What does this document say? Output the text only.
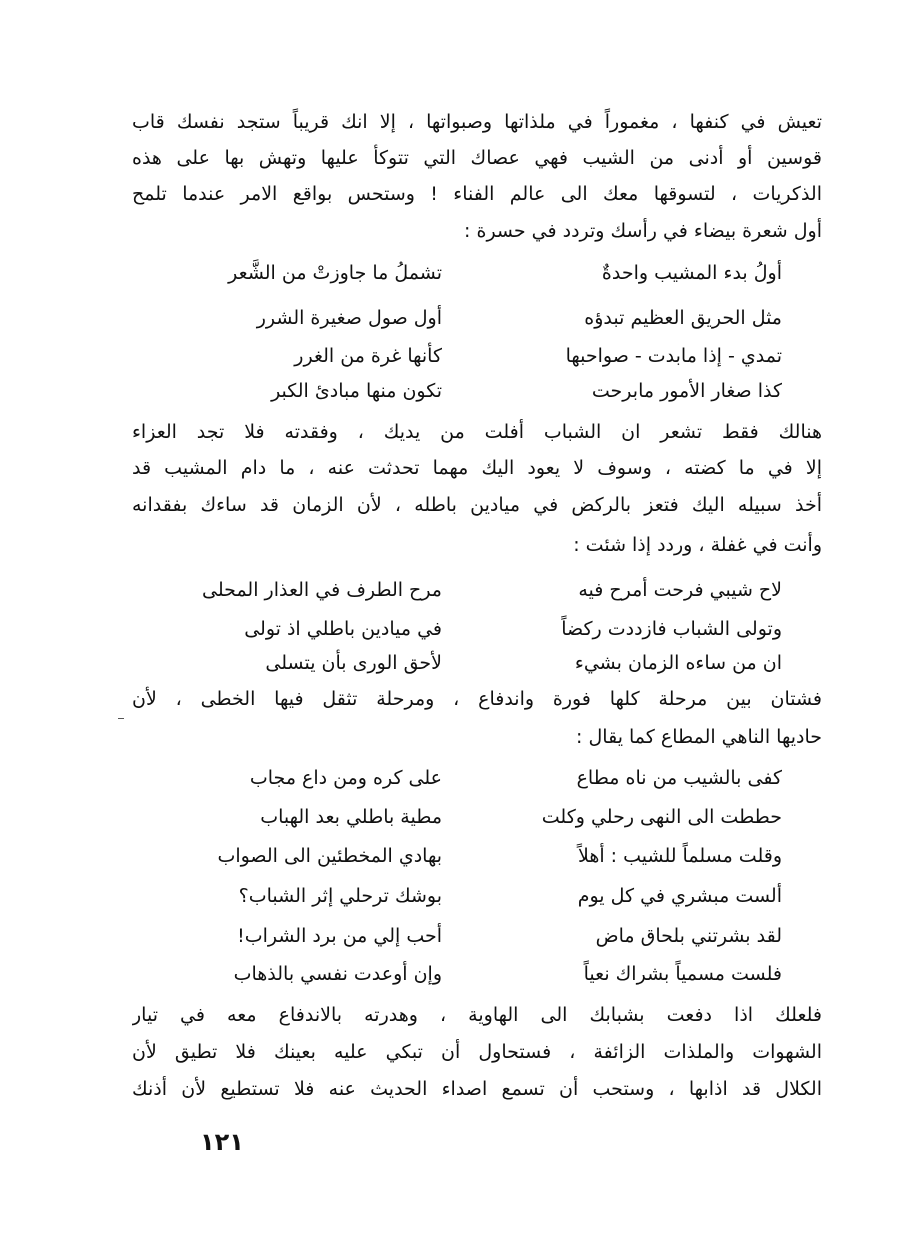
تعيش في كنفها ، مغموراً في ملذاتها وصبواتها ، إلا انك قريباً ستجد نفسك قاب
قوسين أو أدنى من الشيب فهي عصاك التي تتوكأ عليها وتهش بها على هذه
الذكريات ، لتسوقها معك الى عالم الفناء ! وستحس بواقع الامر عندما تلمح
أول شعرة بيضاء في رأسك وتردد في حسرة :
أولُ بدء المشيب واحدةٌ
تشملُ ما جاوزتْ من الشَّعر
مثل الحريق العظيم تبدؤه
أول صول صغيرة الشرر
تمدي - إذا مابدت - صواحبها
كأنها غرة من الغرر
كذا صغار الأمور مابرحت
تكون منها مبادئ الكبر
هنالك فقط تشعر ان الشباب أفلت من يديك ، وفقدته فلا تجد العزاء
إلا في ما كضته ، وسوف لا يعود اليك مهما تحدثت عنه ، ما دام المشيب قد
أخذ سبيله اليك فتعز بالركض في ميادين باطله ، لأن الزمان قد ساءك بفقدانه
وأنت في غفلة ، وردد إذا شئت :
لاح شيبي فرحت أمرح فيه
مرح الطرف في العذار المحلى
وتولى الشباب فازددت ركضاً
في ميادين باطلي اذ تولى
ان من ساءه الزمان بشيء
لأحق الورى بأن يتسلى
فشتان بين مرحلة كلها فورة واندفاع ، ومرحلة تثقل فيها الخطى ، لأن
حاديها الناهي المطاع كما يقال :
كفى بالشيب من ناه مطاع
على كره ومن داع مجاب
حططت الى النهى رحلي وكلت
مطية باطلي بعد الهباب
وقلت مسلماً للشيب : أهلاً
بهادي المخطئين الى الصواب
ألست مبشري في كل يوم
بوشك ترحلي إثر الشباب؟
لقد بشرتني بلحاق ماض
أحب إلي من برد الشراب!
فلست مسمياً بشراك نعياً
وإن أوعدت نفسي بالذهاب
فلعلك اذا دفعت بشبابك الى الهاوية ، وهدرته بالاندفاع معه في تيار
الشهوات والملذات الزائفة ، فستحاول أن تبكي عليه بعينك فلا تطيق لأن
الكلال قد اذابها ، وستحب أن تسمع اصداء الحديث عنه فلا تستطيع لأن أذنك
١٢١
